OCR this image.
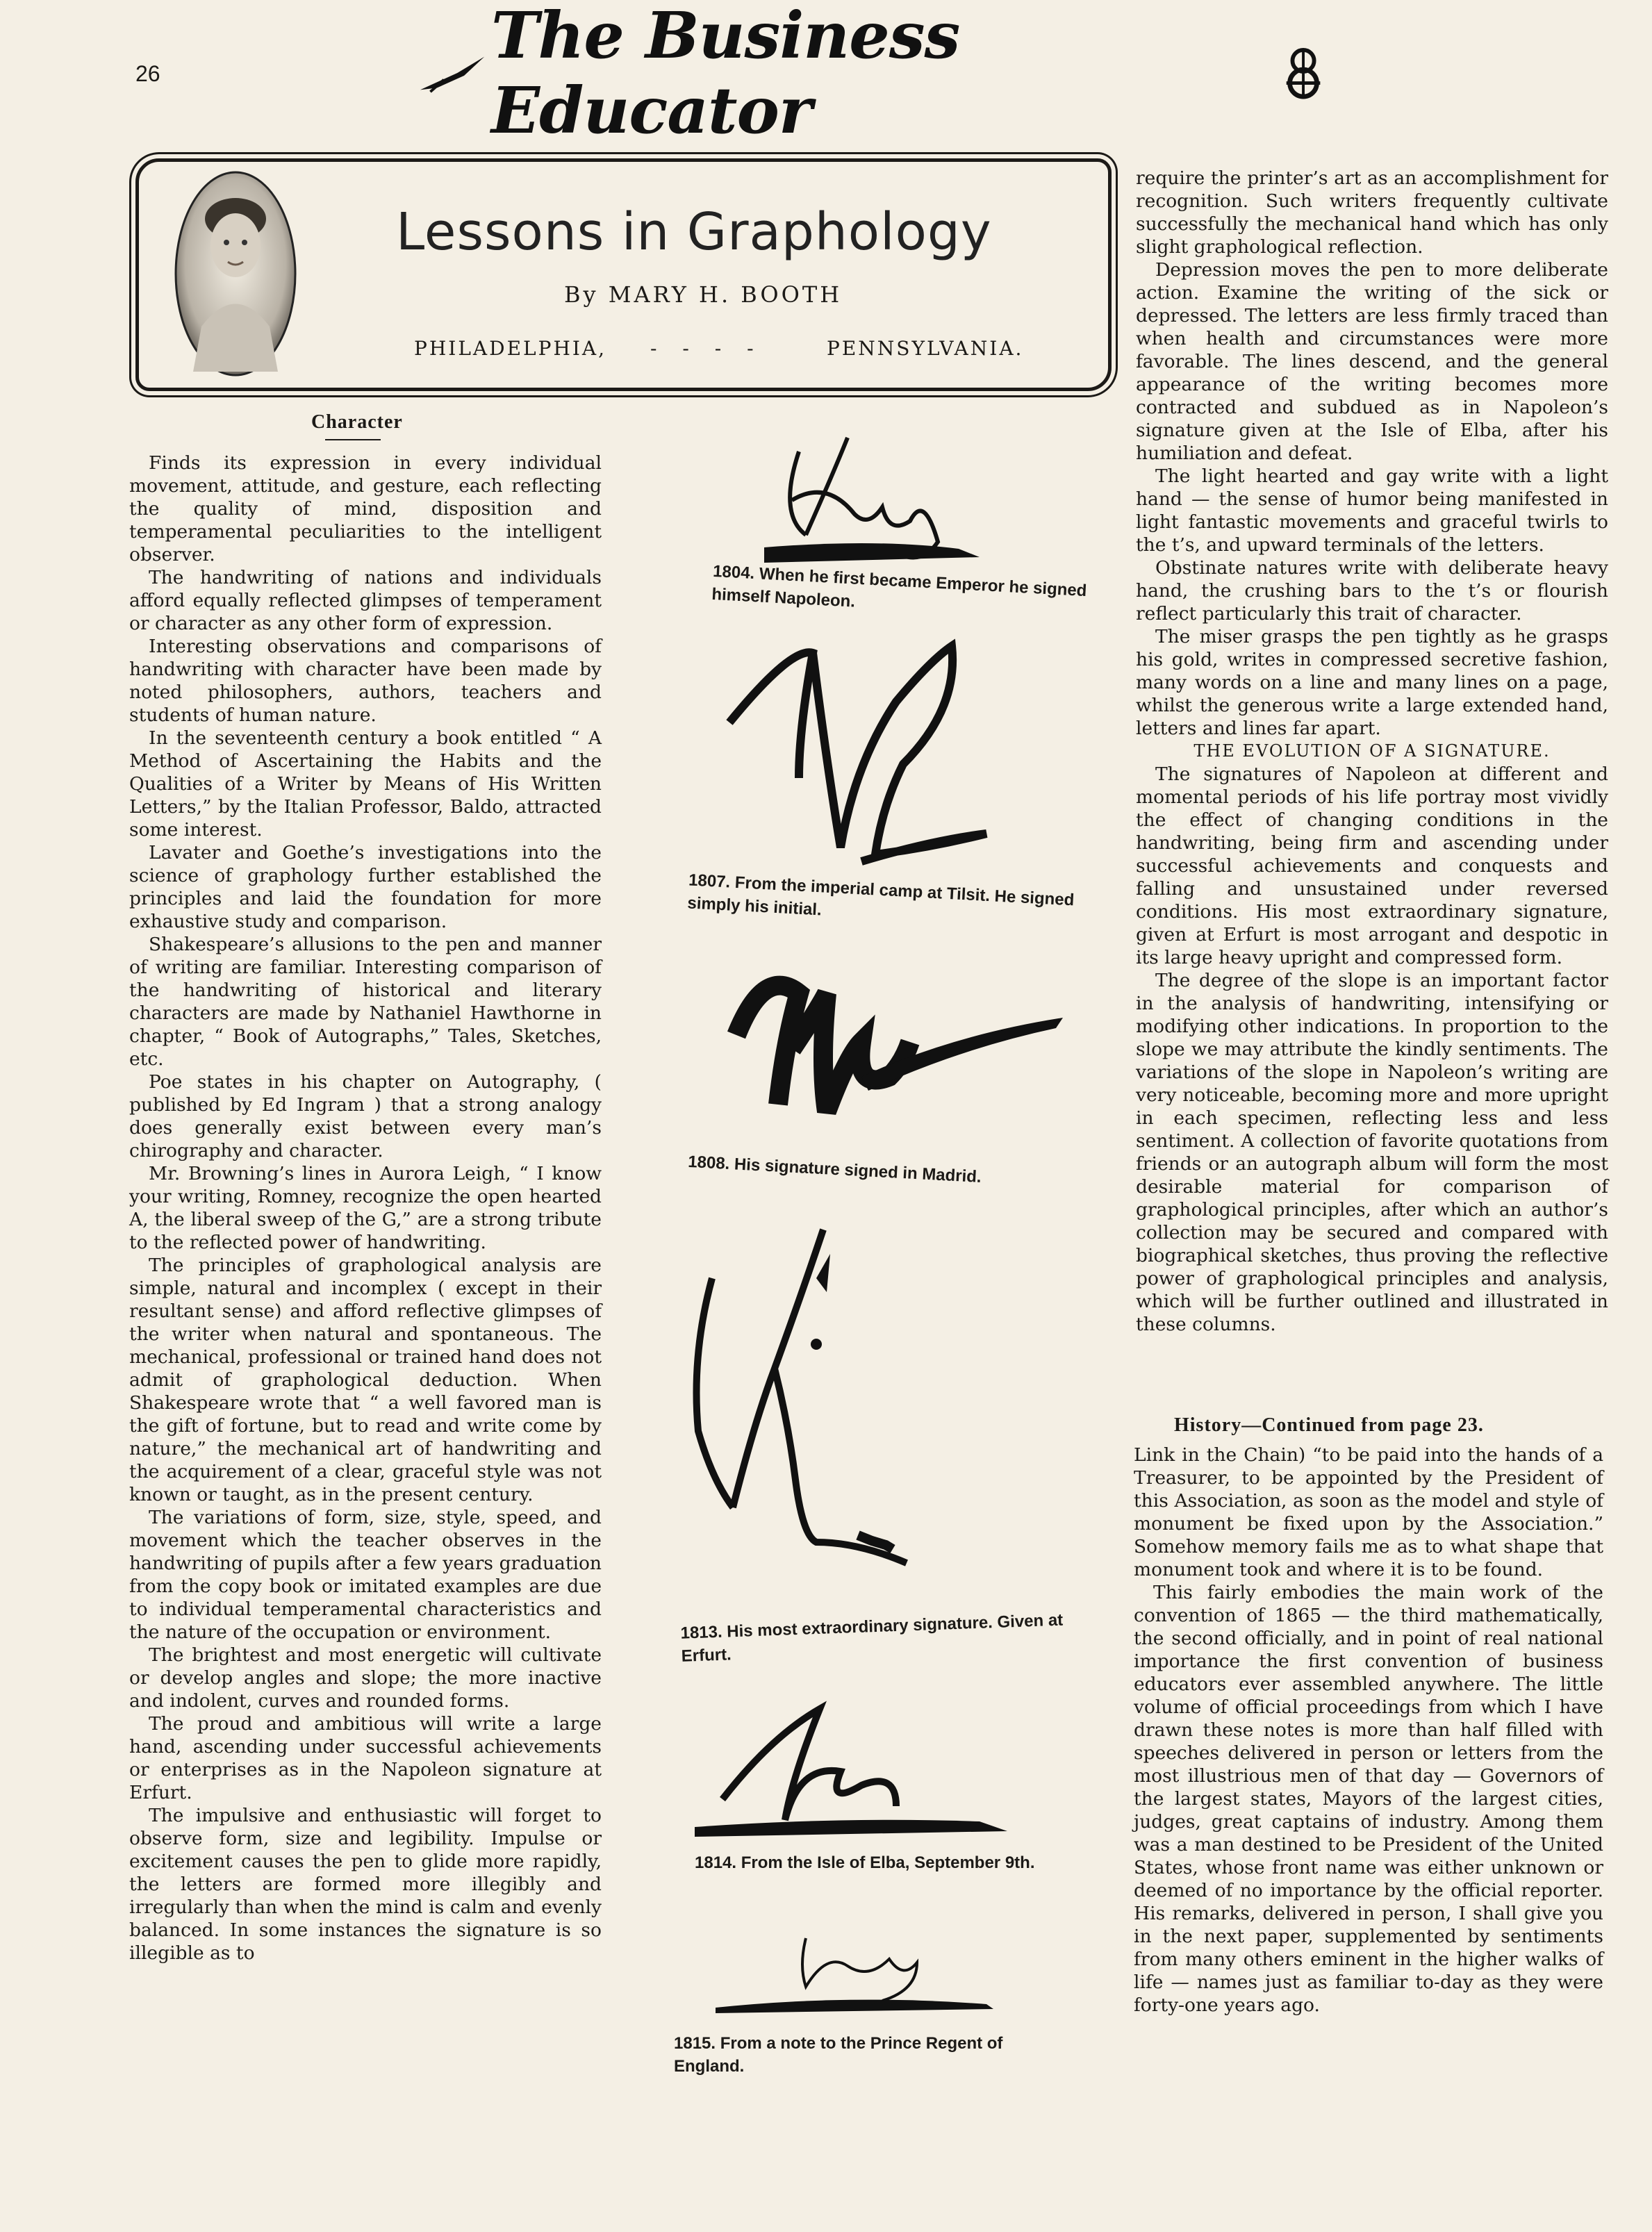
26
The Business Educator
Lessons in Graphology
By MARY H. BOOTH
PHILADELPHIA, - - - -	PENNSYLVANIA.
Character

Finds its expression in every individual movement, attitude, and gesture, each reflecting the quality of mind, disposition and temperamental peculiarities to the intelligent observer.

The handwriting of nations and individuals afford equally reflected glimpses of temperament or character as any other form of expression.

Interesting observations and comparisons of handwriting with character have been made by noted philosophers, authors, teachers and students of human nature.

In the seventeenth century a book entitled “ A Method of Ascertaining the Habits and the Qualities of a Writer by Means of His Written Letters,” by the Italian Professor, Baldo, attracted some interest.

Lavater and Goethe’s investigations into the science of graphology further established the principles and laid the foundation for more exhaustive study and comparison.

Shakespeare’s allusions to the pen and manner of writing are familiar. Interesting comparison of the handwriting of historical and literary characters are made by Nathaniel Hawthorne in chapter, “ Book of Autographs,” Tales, Sketches, etc.

Poe states in his chapter on Autography, ( published by Ed Ingram ) that a strong analogy does generally exist between every man’s chirography and character.

Mr. Browning’s lines in Aurora Leigh, “ I know your writing, Romney, recognize the open hearted A, the liberal sweep of the G,” are a strong tribute to the reflected power of handwriting.

The principles of graphological analysis are simple, natural and incomplex ( except in their resultant sense) and afford reflective glimpses of the writer when natural and spontaneous. The mechanical, professional or trained hand does not admit of graphological deduction. When Shakespeare wrote that “ a well favored man is the gift of fortune, but to read and write come by nature,” the mechanical art of handwriting and the acquirement of a clear, graceful style was not known or taught, as in the present century.

The variations of form, size, style, speed, and movement which the teacher observes in the handwriting of pupils after a few years graduation from the copy book or imitated examples are due to individual temperamental characteristics and the nature of the occupation or environment.

The brightest and most energetic will cultivate or develop angles and slope; the more inactive and indolent, curves and rounded forms.

The proud and ambitious will write a large hand, ascending under successful achievements or enterprises as in the Napoleon signature at Erfurt.

The impulsive and enthusiastic will forget to observe form, size and legibility. Impulse or excitement causes the pen to glide more rapidly, the letters are formed more illegibly and irregularly than when the mind is calm and evenly balanced. In some instances the signature is so illegible as to

1804. When he first became Emperor he signed himself Napoleon.
1807. From the imperial camp at Tilsit. He signed simply his initial.
1808. His signature signed in Madrid.
1813. His most extraordinary signature. Given at Erfurt.
1814. From the Isle of Elba, September 9th.
1815. From a note to the Prince Regent of England.

require the printer’s art as an accomplishment for recognition. Such writers frequently cultivate successfully the mechanical hand which has only slight graphological reflection.

Depression moves the pen to more deliberate action. Examine the writing of the sick or depressed. The letters are less firmly traced than when health and circumstances were more favorable. The lines descend, and the general appearance of the writing becomes more contracted and subdued as in Napoleon’s signature given at the Isle of Elba, after his humiliation and defeat.

The light hearted and gay write with a light hand — the sense of humor being manifested in light fantastic movements and graceful twirls to the t’s, and upward terminals of the letters.

Obstinate natures write with deliberate heavy hand, the crushing bars to the t’s or flourish reflect particularly this trait of character.

The miser grasps the pen tightly as he grasps his gold, writes in compressed secretive fashion, many words on a line and many lines on a page, whilst the generous write a large extended hand, letters and lines far apart.

THE EVOLUTION OF A SIGNATURE.

The signatures of Napoleon at different and momental periods of his life portray most vividly the effect of changing conditions in the handwriting, being firm and ascending under successful achievements and conquests and falling and unsustained under reversed conditions. His most extraordinary signature, given at Erfurt is most arrogant and despotic in its large heavy upright and compressed form.

The degree of the slope is an important factor in the analysis of handwriting, intensifying or modifying other indications. In proportion to the slope we may attribute the kindly sentiments. The variations of the slope in Napoleon’s writing are very noticeable, becoming more and more upright in each specimen, reflecting less and less sentiment. A collection of favorite quotations from friends or an autograph album will form the most desirable material for comparison of graphological principles, after which an author’s collection may be secured and compared with biographical sketches, thus proving the reflective power of graphological principles and analysis, which will be further outlined and illustrated in these columns.

History—Continued from page 23.

Link in the Chain) “to be paid into the hands of a Treasurer, to be appointed by the President of this Association, as soon as the model and style of monument be fixed upon by the Association.” Somehow memory fails me as to what shape that monument took and where it is to be found.

This fairly embodies the main work of the convention of 1865 — the third mathematically, the second officially, and in point of real national importance the first convention of business educators ever assembled anywhere. The little volume of official proceedings from which I have drawn these notes is more than half filled with speeches delivered in person or letters from the most illustrious men of that day — Governors of the largest states, Mayors of the largest cities, judges, great captains of industry. Among them was a man destined to be President of the United States, whose front name was either unknown or deemed of no importance by the official reporter. His remarks, delivered in person, I shall give you in the next paper, supplemented by sentiments from many others eminent in the higher walks of life — names just as familiar to-day as they were forty-one years ago.
